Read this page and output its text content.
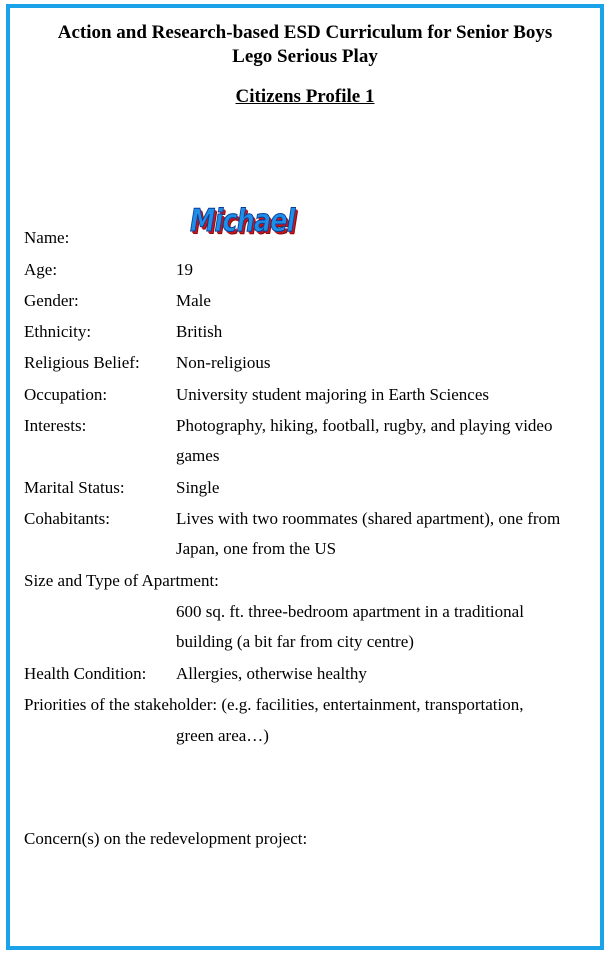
Action and Research-based ESD Curriculum for Senior Boys
Lego Serious Play
Citizens Profile 1
Michael
Name:
Age:	19
Gender:	Male
Ethnicity:	British
Religious Belief: Non-religious
Occupation:	University student majoring in Earth Sciences
Interests:	Photography, hiking, football, rugby, and playing video games
Marital Status:	Single
Cohabitants:	Lives with two roommates (shared apartment), one from Japan, one from the US
Size and Type of Apartment:
600 sq. ft. three-bedroom apartment in a traditional building (a bit far from city centre)
Health Condition: Allergies, otherwise healthy
Priorities of the stakeholder: (e.g. facilities, entertainment, transportation,
green area…)
Concern(s) on the redevelopment project:
